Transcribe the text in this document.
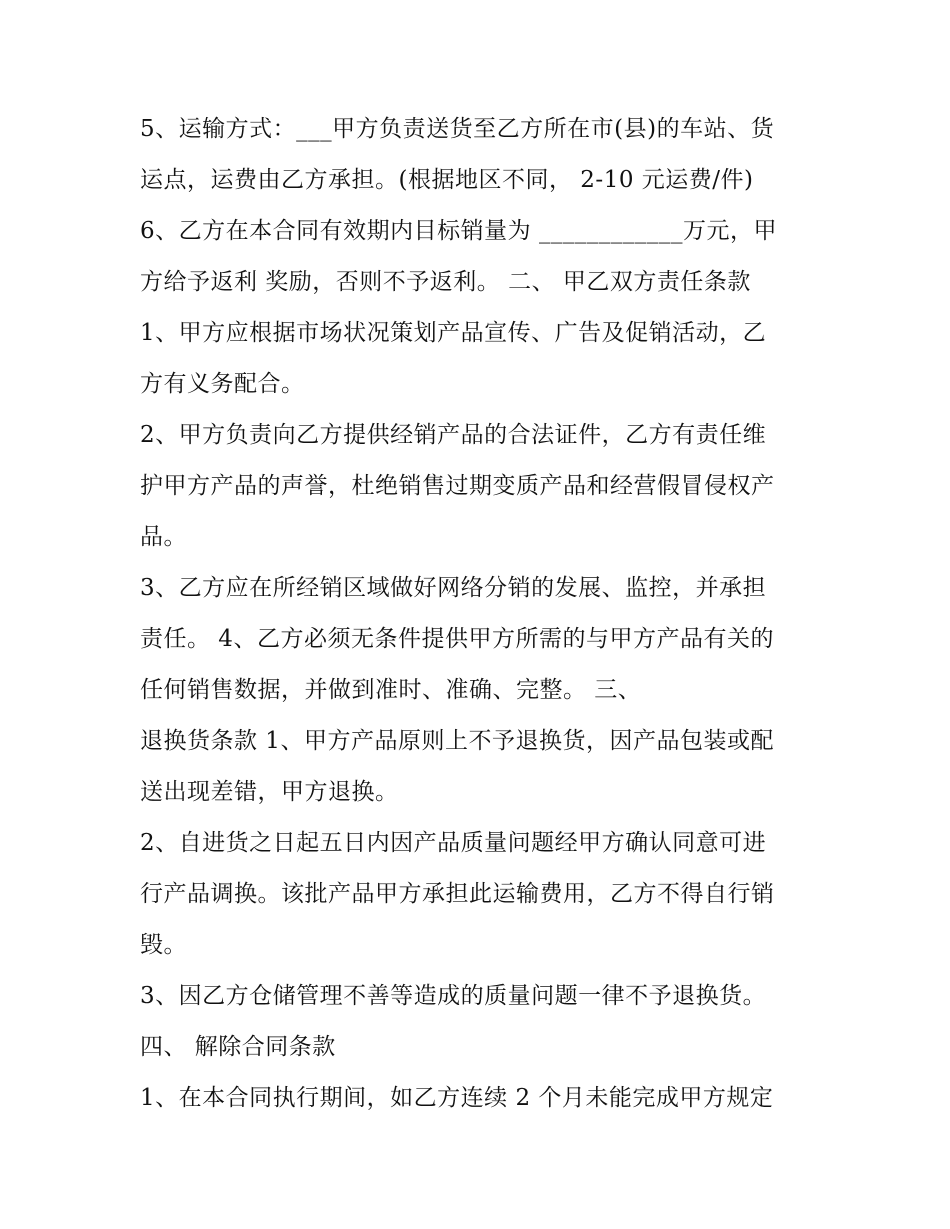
5、运输方式：___甲方负责送货至乙方所在市(县)的车站、货
运点，运费由乙方承担。(根据地区不同， 2-10 元运费/件)
6、乙方在本合同有效期内目标销量为 ____________万元，甲
方给予返利 奖励，否则不予返利。 二、 甲乙双方责任条款
1、甲方应根据市场状况策划产品宣传、广告及促销活动，乙
方有义务配合。
2、甲方负责向乙方提供经销产品的合法证件，乙方有责任维
护甲方产品的声誉，杜绝销售过期变质产品和经营假冒侵权产
品。
3、乙方应在所经销区域做好网络分销的发展、监控，并承担
责任。 4、乙方必须无条件提供甲方所需的与甲方产品有关的
任何销售数据，并做到准时、准确、完整。 三、
退换货条款 1、甲方产品原则上不予退换货，因产品包装或配
送出现差错，甲方退换。
2、自进货之日起五日内因产品质量问题经甲方确认同意可进
行产品调换。该批产品甲方承担此运输费用，乙方不得自行销
毁。
3、因乙方仓储管理不善等造成的质量问题一律不予退换货。
四、 解除合同条款
1、在本合同执行期间，如乙方连续 2 个月未能完成甲方规定
